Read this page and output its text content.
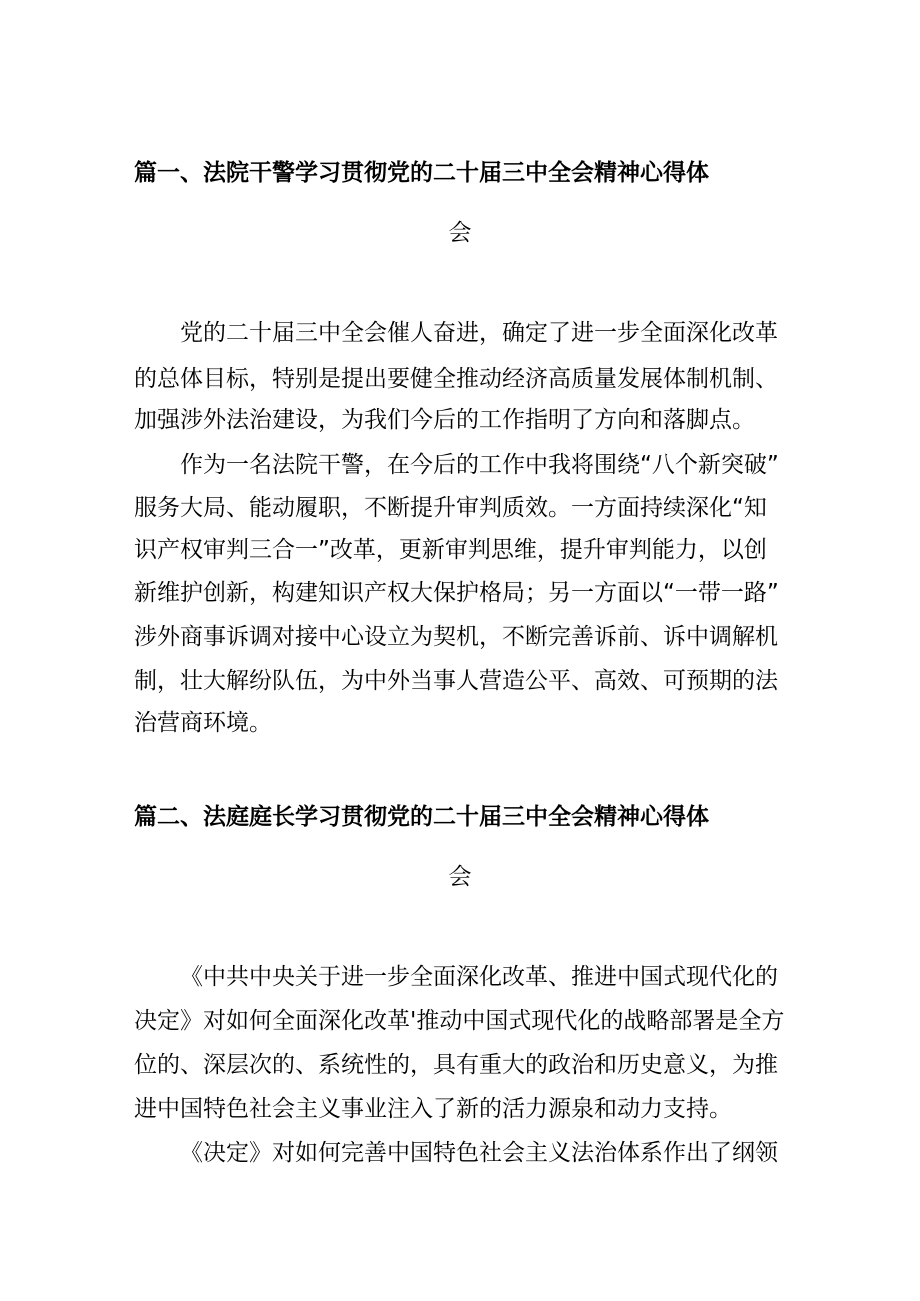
篇一、法院干警学习贯彻党的二十届三中全会精神心得体
会
党的二十届三中全会催人奋进，确定了进一步全面深化改革
的总体目标，特别是提出要健全推动经济高质量发展体制机制、
加强涉外法治建设，为我们今后的工作指明了方向和落脚点。
作为一名法院干警，在今后的工作中我将围绕“八个新突破”
服务大局、能动履职，不断提升审判质效。一方面持续深化“知
识产权审判三合一”改革，更新审判思维，提升审判能力，以创
新维护创新，构建知识产权大保护格局；另一方面以“一带一路”
涉外商事诉调对接中心设立为契机，不断完善诉前、诉中调解机
制，壮大解纷队伍，为中外当事人营造公平、高效、可预期的法
治营商环境。
篇二、法庭庭长学习贯彻党的二十届三中全会精神心得体
会
《中共中央关于进一步全面深化改革、推进中国式现代化的
决定》对如何全面深化改革'推动中国式现代化的战略部署是全方
位的、深层次的、系统性的，具有重大的政治和历史意义，为推
进中国特色社会主义事业注入了新的活力源泉和动力支持。
《决定》对如何完善中国特色社会主义法治体系作出了纲领
